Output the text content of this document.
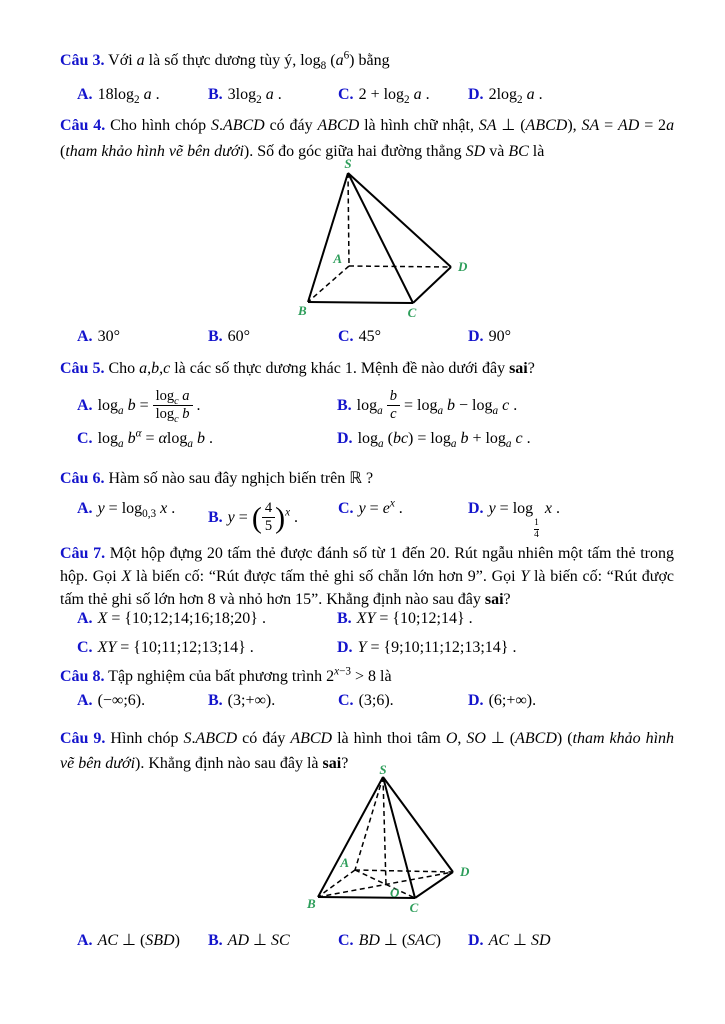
Câu 3. Với a là số thực dương tùy ý, $\log_8 (a^6)$ bằng

A. $18\log_2$ a .	B. $3\log_2$ a .	C. $2 + \log_2 a$ . D. $2\log_2$ a .

Câu 4. Cho hình chóp S.ABCD có đáy ABCD là hình chữ nhật, SA ⊥ (ABCD), SA = AD = 2a (tham khảo hình vẽ bên dưới). Số đo góc giữa hai đường thẳng SD và BC là

S
A
B	C
D
A. 30°	B. 60°	C. 45°	D. 90°

Câu 5. Cho a,b,c là các số thực dương khác 1. Mệnh đề nào dưới đây sai?

A. $\log_a b = \frac{\log_c a}{\log_c b}$ .	B. $\log_a \frac{b}{c} = \log_a b - \log_a c$ .
C. $\log_a b^\alpha = \alpha\log_a$ b .	D. $\log_a (bc) = \log_a b + \log_a c$ .

Câu 6. Hàm số nào sau đây nghịch biến trên ℝ ?

A. $y = \log_{0,3} x$ .
B. y = ( $\frac{4}{5} )^x$ .
C. $y = e^x$ .	D. y = log
$\frac{1}{4}$
x .

Câu 7. Một hộp đựng 20 tấm thẻ được đánh số từ 1 đến 20. Rút ngẫu nhiên một tấm thẻ trong hộp. Gọi X là biến cố: “Rút được tấm thẻ ghi số chẵn lớn hơn 9”. Gọi Y là biến cố: “Rút được tấm thẻ ghi số lớn hơn 8 và nhỏ hơn 15”. Khẳng định nào sau đây sai?

A. X = {10;12;14;16;18;20} .	B. XY = {10;12;14} .
C. XY = {10;11;12;13;14} .	D. Y = {9;10;11;12;13;14} .

Câu 8. Tập nghiệm của bất phương trình $2^{x-3} > 8$ là

A. (−∞;6).	B. (3;+∞).	C. (3;6).	D. (6;+∞).

Câu 9. Hình chóp S.ABCD có đáy ABCD là hình thoi tâm O, SO ⊥ (ABCD) (tham khảo hình vẽ bên dưới). Khẳng định nào sau đây là sai?	S
A
B	C
D
O
A. AC ⊥ (SBD) B. AD ⊥ SC	C. BD ⊥ (SAC) D. AC ⊥ SD
